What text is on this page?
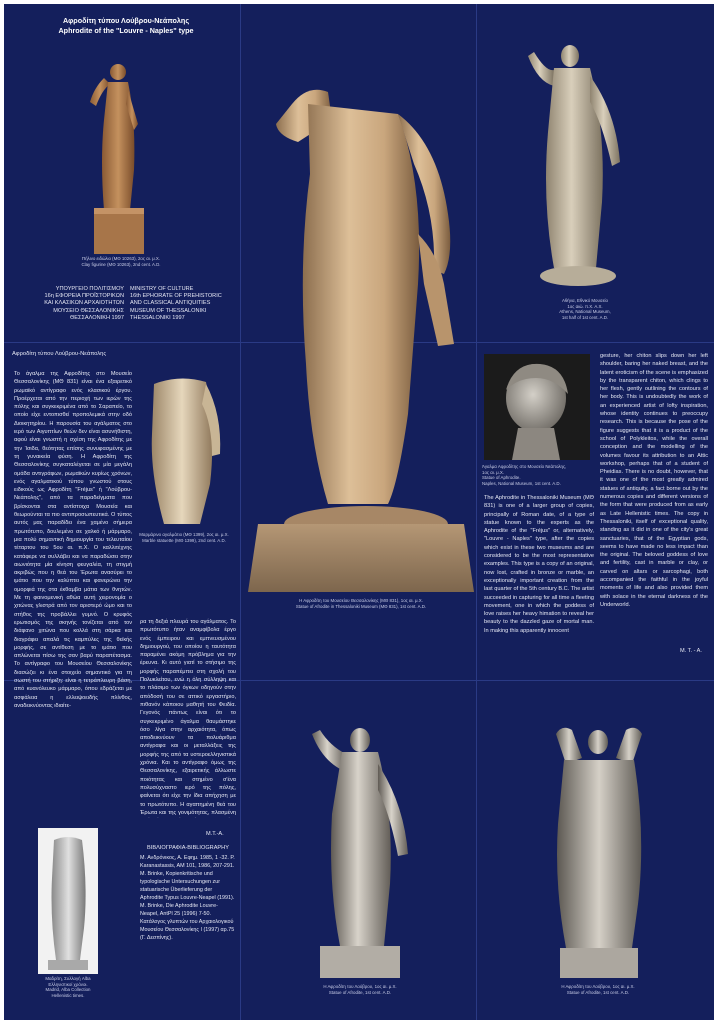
Αφροδίτη τύπου Λούβρου-Νεάπολης
Aphrodite of the "Louvre - Naples" type
Πήλινο ειδώλιο (ΜΘ 10263), 2ος αι. μ.Χ.
Clay figurine (MΘ 10263), 2nd cent. A.D.
ΥΠΟΥΡΓΕΙΟ ΠΟΛΙΤΙΣΜΟΥ
16η ΕΦΟΡΕΙΑ ΠΡΟΪΣΤΟΡΙΚΩΝ
ΚΑΙ ΚΛΑΣΙΚΩΝ ΑΡΧΑΙΟΤΗΤΩΝ
ΜΟΥΣΕΙΟ ΘΕΣΣΑΛΟΝΙΚΗΣ
ΘΕΣΣΑΛΟΝΙΚΗ 1997
MINISTRY OF CULTURE
16th EPHORATE OF PREHISTORIC
AND CLASSICAL ANTIQUITIES
MUSEUM OF THESSALONIKI
THESSALONIKI 1997
Αθήνα, Εθνικό Μουσείο
1ος αιώ. π.Χ. Α.Χ.
Athens, National Museum,
1st half of 1st cent. A.D.
Η Αφροδίτη του Μουσείου Θεσσαλονίκης (ΜΘ 831), 1ος αι. μ.Χ.
Statue of Afrodite in Thessaloniki Museum (MΘ 831), 1st cent. A.D.

Αφροδίτη τύπου Λούβρου-Νεάπολης

Το άγαλμα της Αφροδίτης στο Μουσείο Θεσσαλονίκης (ΜΘ 831) είναι ένα εξαιρετικό ρωμαϊκό αντίγραφο ενός κλασικού έργου. Προέρχεται από την περιοχή των ιερών της πόλης και συγκεκριμένα από το Σαραπείο, το οποίο είχε εντοπισθεί προπολεμικά στην οδό Διοικητηρίου. Η παρουσία του αγάλματος στο ιερό των Αιγυπτίων θεών δεν είναι ασυνήθιστη, αφού είναι γνωστή η σχέση της Αφροδίτης με την Ίσιδα, θεότητας επίσης συνυφασμένης με τη γυναικεία φύση. Η Αφροδίτη της Θεσσαλονίκης συγκαταλέγεται σε μία μεγάλη ομάδα αντιγράφων, ρωμαϊκών κυρίως χρόνων, ενός αγαλματικού τύπου γνωστού στους ειδικούς ως Αφροδίτη "Fréjus" ή "Λούβρου-Νεάπολης", από τα παραδείγματα που βρίσκονται στα αντίστοιχα Μουσεία και θεωρούνται τα πιο αντιπροσωπευτικά. Ο τύπος αυτός μας παραδίδει ένα χαμένο σήμερα πρωτότυπο, δουλεμένο σε χαλκό ή μάρμαρο, μια πολύ σημαντική δημιουργία του τελευταίου τέταρτου του 5ου αι. π.Χ. Ο καλλιτέχνης κατάφερε να συλλάβει και να παραδώσει στην αιωνιότητα μία κίνηση φευγαλέα, τη στιγμή ακριβώς που η θεά του Έρωτα ανασύρει το ιμάτιο που την καλύπτει και φανερώνει την ομορφιά της στα έκθαμβα μάτια των θνητών. Με τη φαινομενική αθώα αυτή χειρονομία ο χιτώνας γλιστρά από τον αριστερό ώμο και το στήθος της προβάλλει γυμνό. Ο κρυφός ερωτισμός της σκηνής τονίζεται από τον διάφανο χιτώνα που κολλά στη σάρκα και διαγράφει απαλά τις καμπύλες της θεϊκής μορφής, σε αντίθεση με το ιμάτιο που απλώνεται πίσω της σαν βαρύ παραπέτασμα. Το αντίγραφο του Μουσείου Θεσσαλονίκης διασώζει κι ένα στοιχείο σημαντικό για τη σωστή του στήριξη: είναι η τετράπλευρη βάση, από κυανόλευκο μάρμαρο, όπου εδράζεται με ασφάλεια η ελλειψοειδής πλίνθος, αναδεικνύοντας ιδιαίτε-

Μαρμάρινο αγαλμάτιο (ΜΘ 1399), 2ος αι. μ.Χ.
Marble statuette (MΘ 1399), 2nd cent. A.D.

ρα τη δεξιά πλευρά του αγάλματος. Το πρωτότυπο ήταν αναμφίβολα έργο ενός έμπειρου και εμπνευσμένου δημιουργού, του οποίου η ταυτότητα παραμένει ακόμη πρόβλημα για την έρευνα. Κι αυτό γιατί το στήσιμο της μορφής παραπέμπει στη σχολή του Πολυκλείτου, ενώ η όλη σύλληψη και το πλάσιμο των όγκων οδηγούν στην απόδοσή του σε αττικό εργαστήριο, πιθανόν κάποιου μαθητή του Φειδία. Γεγονός πάντως είναι ότι το συγκεκριμένο άγαλμα θαυμάστηκε όσο λίγα στην αρχαιότητα, όπως αποδεικνύουν τα πολυάριθμα αντίγραφα και οι μεταλλάξεις της μορφής της από τα υστεροελληνιστικά χρόνια. Και το αντίγραφο όμως της Θεσσαλονίκης, εξαιρετικής άλλωστε ποιότητας και στημένο σ'ένα πολυσύχναστο ιερό της πόλης, φαίνεται ότι είχε την ίδια απήχηση με το πρωτότυπο. Η αγαπημένη θεά του Έρωτα και της γονιμότητας, πλασμένη

Μ.Τ.-Α.

ΒΙΒΛΙΟΓΡΑΦΙΑ-BIBLIOGRAPHY

Μ. Ανδρόνικος, Α. Εφημ. 1985, 1 -32. P. Karanastassis, AM 101, 1986, 207-291. M. Brinke, Kopienkritische und typologische Untersuchungen zur statuarische Überlieferung der Aphrodite Typus Louvre-Neapel (1991). M. Brinke, Die Aphrodite Louvre-Neapel, AntPl 25 (1996) 7-50. Κατάλογος γλυπτών του Αρχαιολογικού Μουσείου Θεσσαλονίκης Ι (1997) αρ.75 (Γ. Δεσπίνης).

Μαδρίτη, Συλλογή Alba
Ελληνιστικοί χρόνοι.
Madrid, Alba Collection
Hellenistic times.
Άγαλμα Αφροδίτης στο Μουσείο Νεάπολης,
1ος αι. μ.Χ.
Statue of Aphrodite.
Naples, National Museum, 1st cent. A.D.

The Aphrodite in Thessaloniki Museum (MΘ 831) is one of a larger group of copies, principally of Roman date, of a type of statue known to the experts as the Aphrodite of the "Fréjus" or, alternatively, "Louvre - Naples" type, after the copies which exist in these two museums and are considered to be the most representative examples. This type is a copy of an original, now lost, crafted in bronze or marble, an exceptionally important creation from the last quarter of the 5th century B.C. The artist succeeded in capturing for all time a fleeting movement, one in which the goddess of love raises her heavy himation to reveal her beauty to the dazzled gaze of mortal man. In making this apparently innocent

gesture, her chiton slips down her left shoulder, baring her naked breast, and the latent eroticism of the scene is emphasized by the transparent chiton, which clings to her flesh, gently outlining the contours of her body. This is undoubtedly the work of an experienced artist of lofty inspiration, whose identity continues to preoccupy research. This is because the pose of the figure suggests that it is a product of the school of Polykleitos, while the overall conception and the modelling of the volumes favour its attribution to an Attic workshop, perhaps that of a student of Pheidias. There is no doubt, however, that it was one of the most greatly admired statues of antiquity, a fact borne out by the numerous copies and different versions of the form that were produced from as early as Late Hellenistic times. The copy in Thessaloniki, itself of exceptional quality, standing as it did in one of the city's great sanctuaries, that of the Egyptian gods, seems to have made no less impact than the original. The beloved goddess of love and fertility, cast in marble or clay, or carved on altars or sarcophagi, both accompanied the faithful in the joyful moments of life and also provided them with solace in the eternal darkness of the Underworld.

M. T. - A.
Η Αφροδίτη του Λούβρου, 1ος αι. μ.Χ.
Statue of Afrodite, 1st cent. A.D.
Η Αφροδίτη του Λούβρου, 1ος αι. μ.Χ.
Statue of Afrodite, 1st cent. A.D.
